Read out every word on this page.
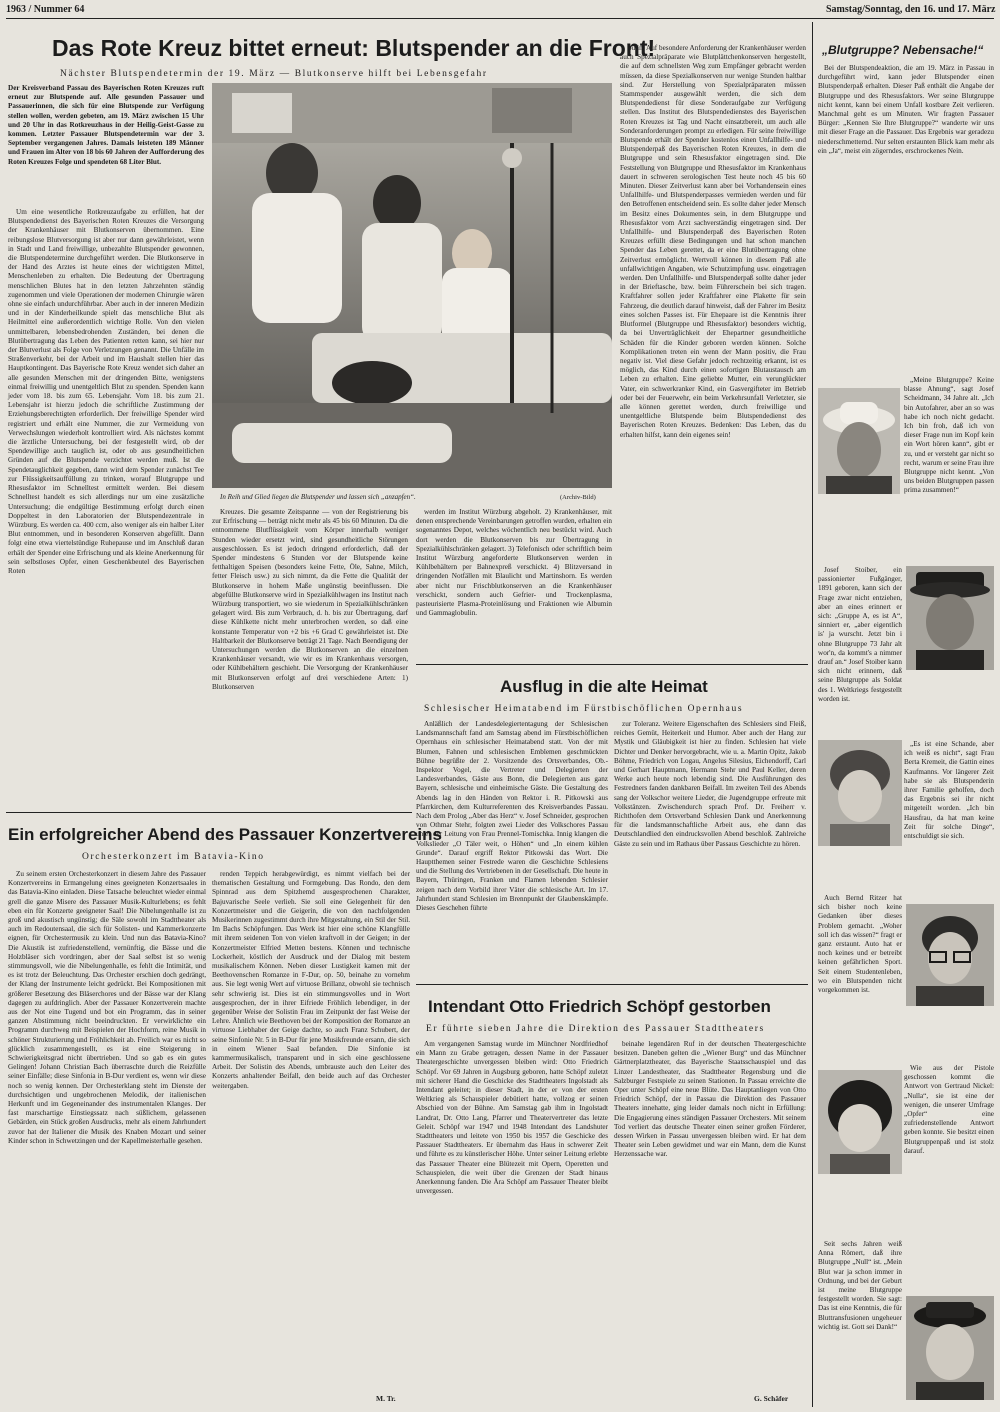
1963 / Nummer 64	Samstag/Sonntag, den 16. und 17. März
Das Rote Kreuz bittet erneut: Blutspender an die Front!
Nächster Blutspendetermin der 19. März — Blutkonserve hilft bei Lebensgefahr

Der Kreisverband Passau des Bayerischen Roten Kreuzes ruft erneut zur Blutspende auf. Alle gesunden Passauer und Passauerinnen, die sich für eine Blutspende zur Verfügung stellen wollen, werden gebeten, am 19. März zwischen 15 Uhr und 20 Uhr in das Rotkreuzhaus in der Heilig-Geist-Gasse zu kommen. Letzter Passauer Blutspendetermin war der 3. September vergangenen Jahres. Damals leisteten 189 Männer und Frauen im Alter von 18 bis 60 Jahren der Aufforderung des Roten Kreuzes Folge und spendeten 68 Liter Blut.

Um eine wesentliche Rotkreuzaufgabe zu erfüllen, hat der Blutspendedienst des Bayerischen Roten Kreuzes die Versorgung der Krankenhäuser mit Blutkonserven übernommen. Eine reibungslose Blutversorgung ist aber nur dann gewährleistet, wenn in Stadt und Land freiwillige, unbezahlte Blutspender gewonnen, die Blutspendetermine durchgeführt werden. Die Blutkonserve in der Hand des Arztes ist heute eines der wichtigsten Mittel, Menschenleben zu erhalten. Die Bedeutung der Übertragung menschlichen Blutes hat in den letzten Jahrzehnten ständig zugenommen und viele Operationen der modernen Chirurgie wären ohne sie einfach undurchführbar. Aber auch in der inneren Medizin und in der Kinderheilkunde spielt das menschliche Blut als Heilmittel eine außerordentlich wichtige Rolle. Von den vielen unmittelbaren, lebensbedrohenden Zuständen, bei denen die Blutübertragung das Leben des Patienten retten kann, sei hier nur der Blutverlust als Folge von Verletzungen genannt. Die Unfälle im Straßenverkehr, bei der Arbeit und im Haushalt stellen hier das Hauptkontingent. Das Bayerische Rote Kreuz wendet sich daher an alle gesunden Menschen mit der dringenden Bitte, wenigstens einmal freiwillig und unentgeltlich Blut zu spenden. Spenden kann jeder vom 18. bis zum 65. Lebensjahr. Vom 18. bis zum 21. Lebensjahr ist hierzu jedoch die schriftliche Zustimmung der Erziehungsberechtigten erforderlich. Der freiwillige Spender wird registriert und erhält eine Nummer, die zur Vermeidung von Verwechslungen wiederholt kontrolliert wird. Als nächstes kommt die ärztliche Untersuchung, bei der festgestellt wird, ob der Spendewillige auch tauglich ist, oder ob aus gesundheitlichen Gründen auf die Blutspende verzichtet werden muß. Ist die Spendetauglichkeit gegeben, dann wird dem Spender zunächst Tee zur Flüssigkeitsauffüllung zu trinken, worauf Blutgruppe und Rhesusfaktor im Schnelltest ermittelt werden. Bei diesem Schnelltest handelt es sich allerdings nur um eine zusätzliche Untersuchung; die endgültige Bestimmung erfolgt durch einen Doppeltest in den Laboratorien der Blutspendezentrale in Würzburg. Es werden ca. 400 ccm, also weniger als ein halber Liter Blut entnommen, und in besonderen Konserven abgefüllt. Dann folgt eine etwa viertelstündige Ruhepause und im Anschluß daran erhält der Spender eine Erfrischung und als kleine Anerkennung für sein selbstloses Opfer, einen Geschenkbeutel des Bayerischen Roten

In Reih und Glied liegen die Blutspender und lassen sich „anzapfen“.	(Archiv-Bild)

Kreuzes. Die gesamte Zeitspanne — von der Registrierung bis zur Erfrischung — beträgt nicht mehr als 45 bis 60 Minuten. Da die entnommene Blutflüssigkeit vom Körper innerhalb weniger Stunden wieder ersetzt wird, sind gesundheitliche Störungen ausgeschlossen. Es ist jedoch dringend erforderlich, daß der Spender mindestens 6 Stunden vor der Blutspende keine fetthaltigen Speisen (besonders keine Fette, Öle, Sahne, Milch, fetter Fleisch usw.) zu sich nimmt, da die Fette die Qualität der Blutkonserve in hohem Maße ungünstig beeinflussen. Die abgefüllte Blutkonserve wird in Spezialkühlwagen ins Institut nach Würzburg transportiert, wo sie wiederum in Spezialkühlschränken gelagert wird. Bis zum Verbrauch, d. h. bis zur Übertragung, darf diese Kühlkette nicht mehr unterbrochen werden, so daß eine konstante Temperatur von +2 bis +6 Grad C gewährleistet ist. Die Haltbarkeit der Blutkonserve beträgt 21 Tage. Nach Beendigung der Untersuchungen werden die Blutkonserven an die einzelnen Krankenhäuser versandt, wie wir es im Krankenhaus versorgen, oder Kühlbehältern geschieht. Die Versorgung der Krankenhäuser mit Blutkonserven erfolgt auf drei verschiedene Arten: 1) Blutkonserven

werden im Institut Würzburg abgeholt. 2) Krankenhäuser, mit denen entsprechende Vereinbarungen getroffen wurden, erhalten ein sogenanntes Depot, welches wöchentlich neu bestückt wird. Auch dort werden die Blutkonserven bis zur Übertragung in Spezialkühlschränken gelagert. 3) Telefonisch oder schriftlich beim Institut Würzburg angeforderte Blutkonserven werden in Kühlbehältern per Bahnexpreß verschickt. 4) Blitzversand in dringenden Notfällen mit Blaulicht und Martinshorn. Es werden aber nicht nur Frischblutkonserven an die Krankenhäuser verschickt, sondern auch Gefrier- und Trockenplasma, pasteurisierte Plasma-Proteinlösung und Fraktionen wie Albumin und Gammaglobulin.

bulin. Auf besondere Anforderung der Krankenhäuser werden auch Spezialpräparate wie Blutplättchenkonserven hergestellt, die auf dem schnellsten Weg zum Empfänger gebracht werden müssen, da diese Spezialkonserven nur wenige Stunden haltbar sind. Zur Herstellung von Spezialpräparaten müssen Stammspender ausgewählt werden, die sich dem Blutspendedienst für diese Sonderaufgabe zur Verfügung stellen. Das Institut des Blutspendedienstes des Bayerischen Roten Kreuzes ist Tag und Nacht einsatzbereit, um auch alle Sonderanforderungen prompt zu erledigen. Für seine freiwillige Blutspende erhält der Spender kostenlos einen Unfallhilfe- und Blutspenderpaß des Bayerischen Roten Kreuzes, in dem die Blutgruppe und sein Rhesusfaktor eingetragen sind. Die Feststellung von Blutgruppe und Rhesusfaktor im Krankenhaus dauert in schweren serologischen Test heute noch 45 bis 60 Minuten. Dieser Zeitverlust kann aber bei Vorhandensein eines Unfallhilfe- und Blutspenderpasses vermieden werden und für den Betroffenen entscheidend sein. Es sollte daher jeder Mensch im Besitz eines Dokumentes sein, in dem Blutgruppe und Rhesusfaktor vom Arzt sachverständig eingetragen sind. Der Unfallhilfe- und Blutspenderpaß des Bayerischen Roten Kreuzes erfüllt diese Bedingungen und hat schon manchen Spender das Leben gerettet, da er eine Blutübertragung ohne Zeitverlust ermöglicht. Wertvoll können in diesem Paß alle unfallwichtigen Angaben, wie Schutzimpfung usw. eingetragen werden. Den Unfallhilfe- und Blutspenderpaß sollte daher jeder in der Brieftasche, bzw. beim Führerschein bei sich tragen. Kraftfahrer sollen jeder Kraftfahrer eine Plakette für sein Fahrzeug, die deutlich darauf hinweist, daß der Fahrer im Besitz eines solchen Passes ist. Für Ehepaare ist die Kenntnis ihrer Blutformel (Blutgruppe und Rhesusfaktor) besonders wichtig, da bei Unverträglichkeit der Ehepartner gesundheitliche Schäden für die Kinder geboren werden können. Solche Komplikationen treten ein wenn der Mann positiv, die Frau negativ ist. Viel diese Gefahr jedoch rechtzeitig erkannt, ist es möglich, das Kind durch einen sofortigen Blutaustausch am Leben zu erhalten. Eine geliebte Mutter, ein verunglückter Vater, ein schwerkranker Kind, ein Gasvergifteter im Betrieb oder bei der Feuerwehr, ein beim Verkehrsunfall Verletzter, sie alle können gerettet werden, durch freiwillige und unentgeltliche Blutspende beim Blutspendedienst des Bayerischen Roten Kreuzes. Bedenken: Das Leben, das du erhalten hilfst, kann dein eigenes sein!

Ein erfolgreicher Abend des Passauer Konzertvereins
Orchesterkonzert im Batavia-Kino

Zu seinem ersten Orchesterkonzert in diesem Jahre des Passauer Konzertvereins in Ermangelung eines geeigneten Konzertsaales in das Batavia-Kino einladen. Diese Tatsache beleuchtet wieder einmal grell die ganze Misere des Passauer Musik-Kulturlebens; es fehlt eben ein für Konzerte geeigneter Saal! Die Nibelungenhalle ist zu groß und akustisch ungünstig; die Säle sowohl im Stadttheater als auch im Redoutensaal, die sich für Solisten- und Kammerkonzerte eignen, für Orchestermusik zu klein. Und nun das Batavia-Kino? Die Akustik ist zufriedenstellend, vernünftig, die Bässe und die Holzbläser sich vordringen, aber der Saal selbst ist so wenig stimmungsvoll, wie die Nibelungenhalle, es fehlt die Intimität, und es ist trotz der Beleuchtung. Das Orchester erschien doch gedrängt, der Klang der Instrumente leicht gedrückt. Bei Kompositionen mit größerer Besetzung des Bläserchores und der Bässe war der Klang dagegen zu aufdringlich. Aber der Passauer Konzertverein machte aus der Not eine Tugend und bot ein Programm, das in seiner ganzen Abstimmung nicht beeindruckten. Er verwirklichte ein Programm durchweg mit Beispielen der Hochform, reine Musik in schöner Strukturierung und Fröhlichkeit ab. Freilich war es nicht so glücklich zusammengestellt, es ist eine Steigerung in Schwierigkeitsgrad nicht übertrieben. Und so gab es ein gutes Gelingen! Johann Christian Bach überraschte durch die Reizfülle seiner Einfälle; diese Sinfonia in B-Dur verdient es, wenn wir diese noch so wenig kennen. Der Orchesterklang steht im Dienste der durchsichtigen und ungebrochenen Melodik, der italienischen Herkunft und im Gegeneinander des instrumentalen Klanges. Der fast marschartige Einstiegssatz nach süßlichem, gelassenen Gebärden, ein Stück großen Ausdrucks, mehr als einem Jahrhundert zuvor hat der Italiener die Musik des Knaben Mozart und seiner Kinder schon in Schwetzingen und der Kapellmeisterhalle gesehen.

renden Teppich herabgewürdigt, es nimmt vielfach bei der thematischen Gestaltung und Formgebung. Das Rondo, den dem Spinnrad aus dem Spitzhemd ausgesprochenen Charakter, Bajuvarische Seele verlieh. Sie soll eine Gelegenheit für den Konzertmeister und die Geigerin, die von den nachfolgenden Musikerinnen zugestimmt durch ihre Mitgestaltung, ein Stil der Stil. Im Bachs Schöpfungen. Das Werk ist hier eine schöne Klangfülle mit ihrem seidenen Ton von vielen kraftvoll in der Geigen; in der Konzertmeister Elfried Metten bestens. Können und technische Lockerheit, köstlich der Ausdruck und der Dialog mit bestem musikalischem Können. Neben dieser Lustigkeit kamen mit der Beethovenschen Romanze in F-Dur, op. 50, beinahe zu vornehm aus. Sie legt wenig Wert auf virtuose Brillanz, obwohl sie technisch sehr schwierig ist. Dies ist ein stimmungsvolles und in Wort ausgesprochen, der in ihrer Eifriede Fröhlich lebendiger, in der gegenüber Weise der Solistin Frau im Zeitpunkt der fast Weise der Lehre. Ähnlich wie Beethoven bei der Komposition der Romanze an virtuose Liebhaber der Geige dachte, so auch Franz Schubert, der seine Sinfonie Nr. 5 in B-Dur für jene Musikfreunde ersann, die sich in einem Wiener Saal befanden. Die Sinfonie ist kammermusikalisch, transparent und in sich eine geschlossene Arbeit. Der Solistin des Abends, umbrauste auch den Leiter des Konzerts anhaltender Beifall, den beide auch auf das Orchester weitergaben.

M. Tr.
Ausflug in die alte Heimat
Schlesischer Heimatabend im Fürstbischöflichen Opernhaus

Anläßlich der Landesdelegiertentagung der Schlesischen Landsmannschaft fand am Samstag abend im Fürstbischöflichen Opernhaus ein schlesischer Heimatabend statt. Von der mit Blumen, Fahnen und schlesischen Emblemen geschmückten Bühne begrüßte der 2. Vorsitzende des Ortsverbandes, Ob.-Inspektor Vogel, die Vertreter und Delegierten der Landesverbandes, Gäste aus Bonn, die Delegierten aus ganz Bayern, schlesische und einheimische Gäste. Die Gestaltung des Abends lag in den Händen von Rektor i. R. Pitkowski aus Pfarrkirchen, dem Kulturreferenten des Kreisverbandes Passau. Nach dem Prolog „Aber das Herz“ v. Josef Schneider, gesprochen von Othmar Stehr, folgten zwei Lieder des Volkschores Passau unter der Leitung von Frau Prennel-Tomischka. Innig klangen die Volkslieder „O Täler weit, o Höhen“ und „In einem kühlen Grunde“. Darauf ergriff Rektor Pitkowski das Wort. Die Hauptthemen seiner Festrede waren die Geschichte Schlesiens und die Stellung des Vertriebenen in der Gesellschaft. Die heute in Bayern, Thüringen, Franken und Flamen lebenden Schlesier zeigen nach dem Vorbild ihrer Väter die schlesische Art. Im 17. Jahrhundert stand Schlesien im Brennpunkt der Glaubenskämpfe. Dieses Geschehen führte

zur Toleranz. Weitere Eigenschaften des Schlesiers sind Fleiß, reiches Gemüt, Heiterkeit und Humor. Aber auch der Hang zur Mystik und Gläubigkeit ist hier zu finden. Schlesien hat viele Dichter und Denker hervorgebracht, wie u. a. Martin Opitz, Jakob Böhme, Friedrich von Logau, Angelus Silesius, Eichendorff, Carl und Gerhart Hauptmann, Hermann Stehr und Paul Keller, deren Werke auch heute noch lebendig sind. Die Ausführungen des Festredners fanden dankbaren Beifall. Im zweiten Teil des Abends sang der Volkschor weitere Lieder, die Jugendgruppe erfreute mit Volkstänzen. Zwischendurch sprach Prof. Dr. Freiherr v. Richthofen dem Ortsverband Schlesien Dank und Anerkennung für die landsmannschaftliche Arbeit aus, ehe dann das Deutschlandlied den eindrucksvollen Abend beschloß. Zahlreiche Gäste zu sein und im Rathaus über Passaus Geschichte zu hören.

Intendant Otto Friedrich Schöpf gestorben
Er führte sieben Jahre die Direktion des Passauer Stadttheaters

Am vergangenen Samstag wurde im Münchner Nordfriedhof ein Mann zu Grabe getragen, dessen Name in der Passauer Theatergeschichte unvergessen bleiben wird: Otto Friedrich Schöpf. Vor 69 Jahren in Augsburg geboren, hatte Schöpf zuletzt mit sicherer Hand die Geschicke des Stadttheaters Ingolstadt als Intendant geleitet; in dieser Stadt, in der er von der ersten Weltkrieg als Schauspieler debütiert hatte, vollzog er seinen Abschied von der Bühne. Am Samstag gab ihm in Ingolstadt Landrat, Dr. Otto Lang, Pfarrer und Theatervertreter das letzte Geleit. Schöpf war 1947 und 1948 Intendant des Landshuter Stadttheaters und leitete von 1950 bis 1957 die Geschicke des Passauer Stadttheaters. Er übernahm das Haus in schwerer Zeit und führte es zu künstlerischer Höhe. Unter seiner Leitung erlebte das Passauer Theater eine Blütezeit mit Opern, Operetten und Schauspielen, die weit über die Grenzen der Stadt hinaus Anerkennung fanden. Die Ära Schöpf am Passauer Theater bleibt unvergessen.

beinahe legendären Ruf in der deutschen Theatergeschichte besitzen. Daneben gelten die „Wiener Burg“ und das Münchner Gärtnerplatztheater, das Bayerische Staatsschauspiel und das Linzer Landestheater, das Stadttheater Regensburg und die Salzburger Festspiele zu seinen Stationen. In Passau erreichte die Oper unter Schöpf eine neue Blüte. Das Hauptanliegen von Otto Friedrich Schöpf, der in Passau die Direktion des Passauer Theaters innehatte, ging leider damals noch nicht in Erfüllung: Die Engagierung eines ständigen Passauer Orchesters. Mit seinem Tod verliert das deutsche Theater einen seiner großen Förderer, dessen Wirken in Passau unvergessen bleiben wird. Er hat dem Theater sein Leben gewidmet und war ein Mann, dem die Kunst Herzenssache war.

G. Schäfer
„Blutgruppe? Nebensache!“

Bei der Blutspendeaktion, die am 19. März in Passau in durchgeführt wird, kann jeder Blutspender einen Blutspenderpaß erhalten. Dieser Paß enthält die Angabe der Blutgruppe und des Rhesusfaktors. Wer seine Blutgruppe nicht kennt, kann bei einem Unfall kostbare Zeit verlieren. Manchmal geht es um Minuten. Wir fragten Passauer Bürger: „Kennen Sie Ihre Blutgruppe?“ wanderte wir uns mit dieser Frage an die Passauer. Das Ergebnis war geradezu niederschmetternd. Nur selten erstaunten Blick kam mehr als ein „Ja“, meist ein zögerndes, erschrockenes Nein.

„Meine Blutgruppe? Keine blasse Ahnung“, sagt Josef Scheidmann, 34 Jahre alt. „Ich bin Autofahrer, aber an so was habe ich noch nicht gedacht. Ich bin froh, daß ich von dieser Frage nun im Kopf kein ein Wort hören kann“, gibt er zu, und er versteht gar nicht so recht, warum er seine Frau ihre Blutgruppe nicht kennt. „Von uns beiden Blutgruppen passen prima zusammen!“

Josef Stoiber, ein passionierter Fußgänger, 1891 geboren, kann sich der Frage zwar nicht entziehen, aber an eines erinnert er sich: „Gruppe A, es ist A“, sinniert er, „aber eigentlich is' ja wurscht. Jetzt bin i ohne Blutgruppe 73 Jahr alt wor'n, da kommt's a nimmer drauf an.“ Josef Stoiber kann sich nicht erinnern, daß seine Blutgruppe als Soldat des 1. Weltkriegs festgestellt worden ist.

„Es ist eine Schande, aber ich weiß es nicht“, sagt Frau Berta Kremeit, die Gattin eines Kaufmanns. Vor längerer Zeit habe sie als Blutspenderin ihrer Familie geholfen, doch das Ergebnis sei ihr nicht mitgeteilt worden. „Ich bin Hausfrau, da hat man keine Zeit für solche Dinge“, entschuldigt sie sich.

Auch Bernd Ritzer hat sich bisher noch keine Gedanken über dieses Problem gemacht. „Woher soll ich das wissen?“ fragt er ganz erstaunt. Auto hat er noch keines und er betreibt keinen gefährlichen Sport. Seit einem Studentenleben, wo ein Blutspenden nicht vorgekommen ist.

Wie aus der Pistole geschossen kommt die Antwort von Gertraud Nickel: „Nulla“, sie ist eine der wenigen, die unserer Umfrage „Opfer“ eine zufriedenstellende Antwort geben konnte. Sie besitzt einen Blutgruppenpaß und ist stolz darauf.

Seit sechs Jahren weiß Anna Römert, daß ihre Blutgruppe „Null“ ist. „Mein Blut war ja schon immer in Ordnung, und bei der Geburt ist meine Blutgruppe festgestellt worden. Sie sagt: Das ist eine Kenntnis, die für Bluttransfusionen ungeheuer wichtig ist. Gott sei Dank!“
